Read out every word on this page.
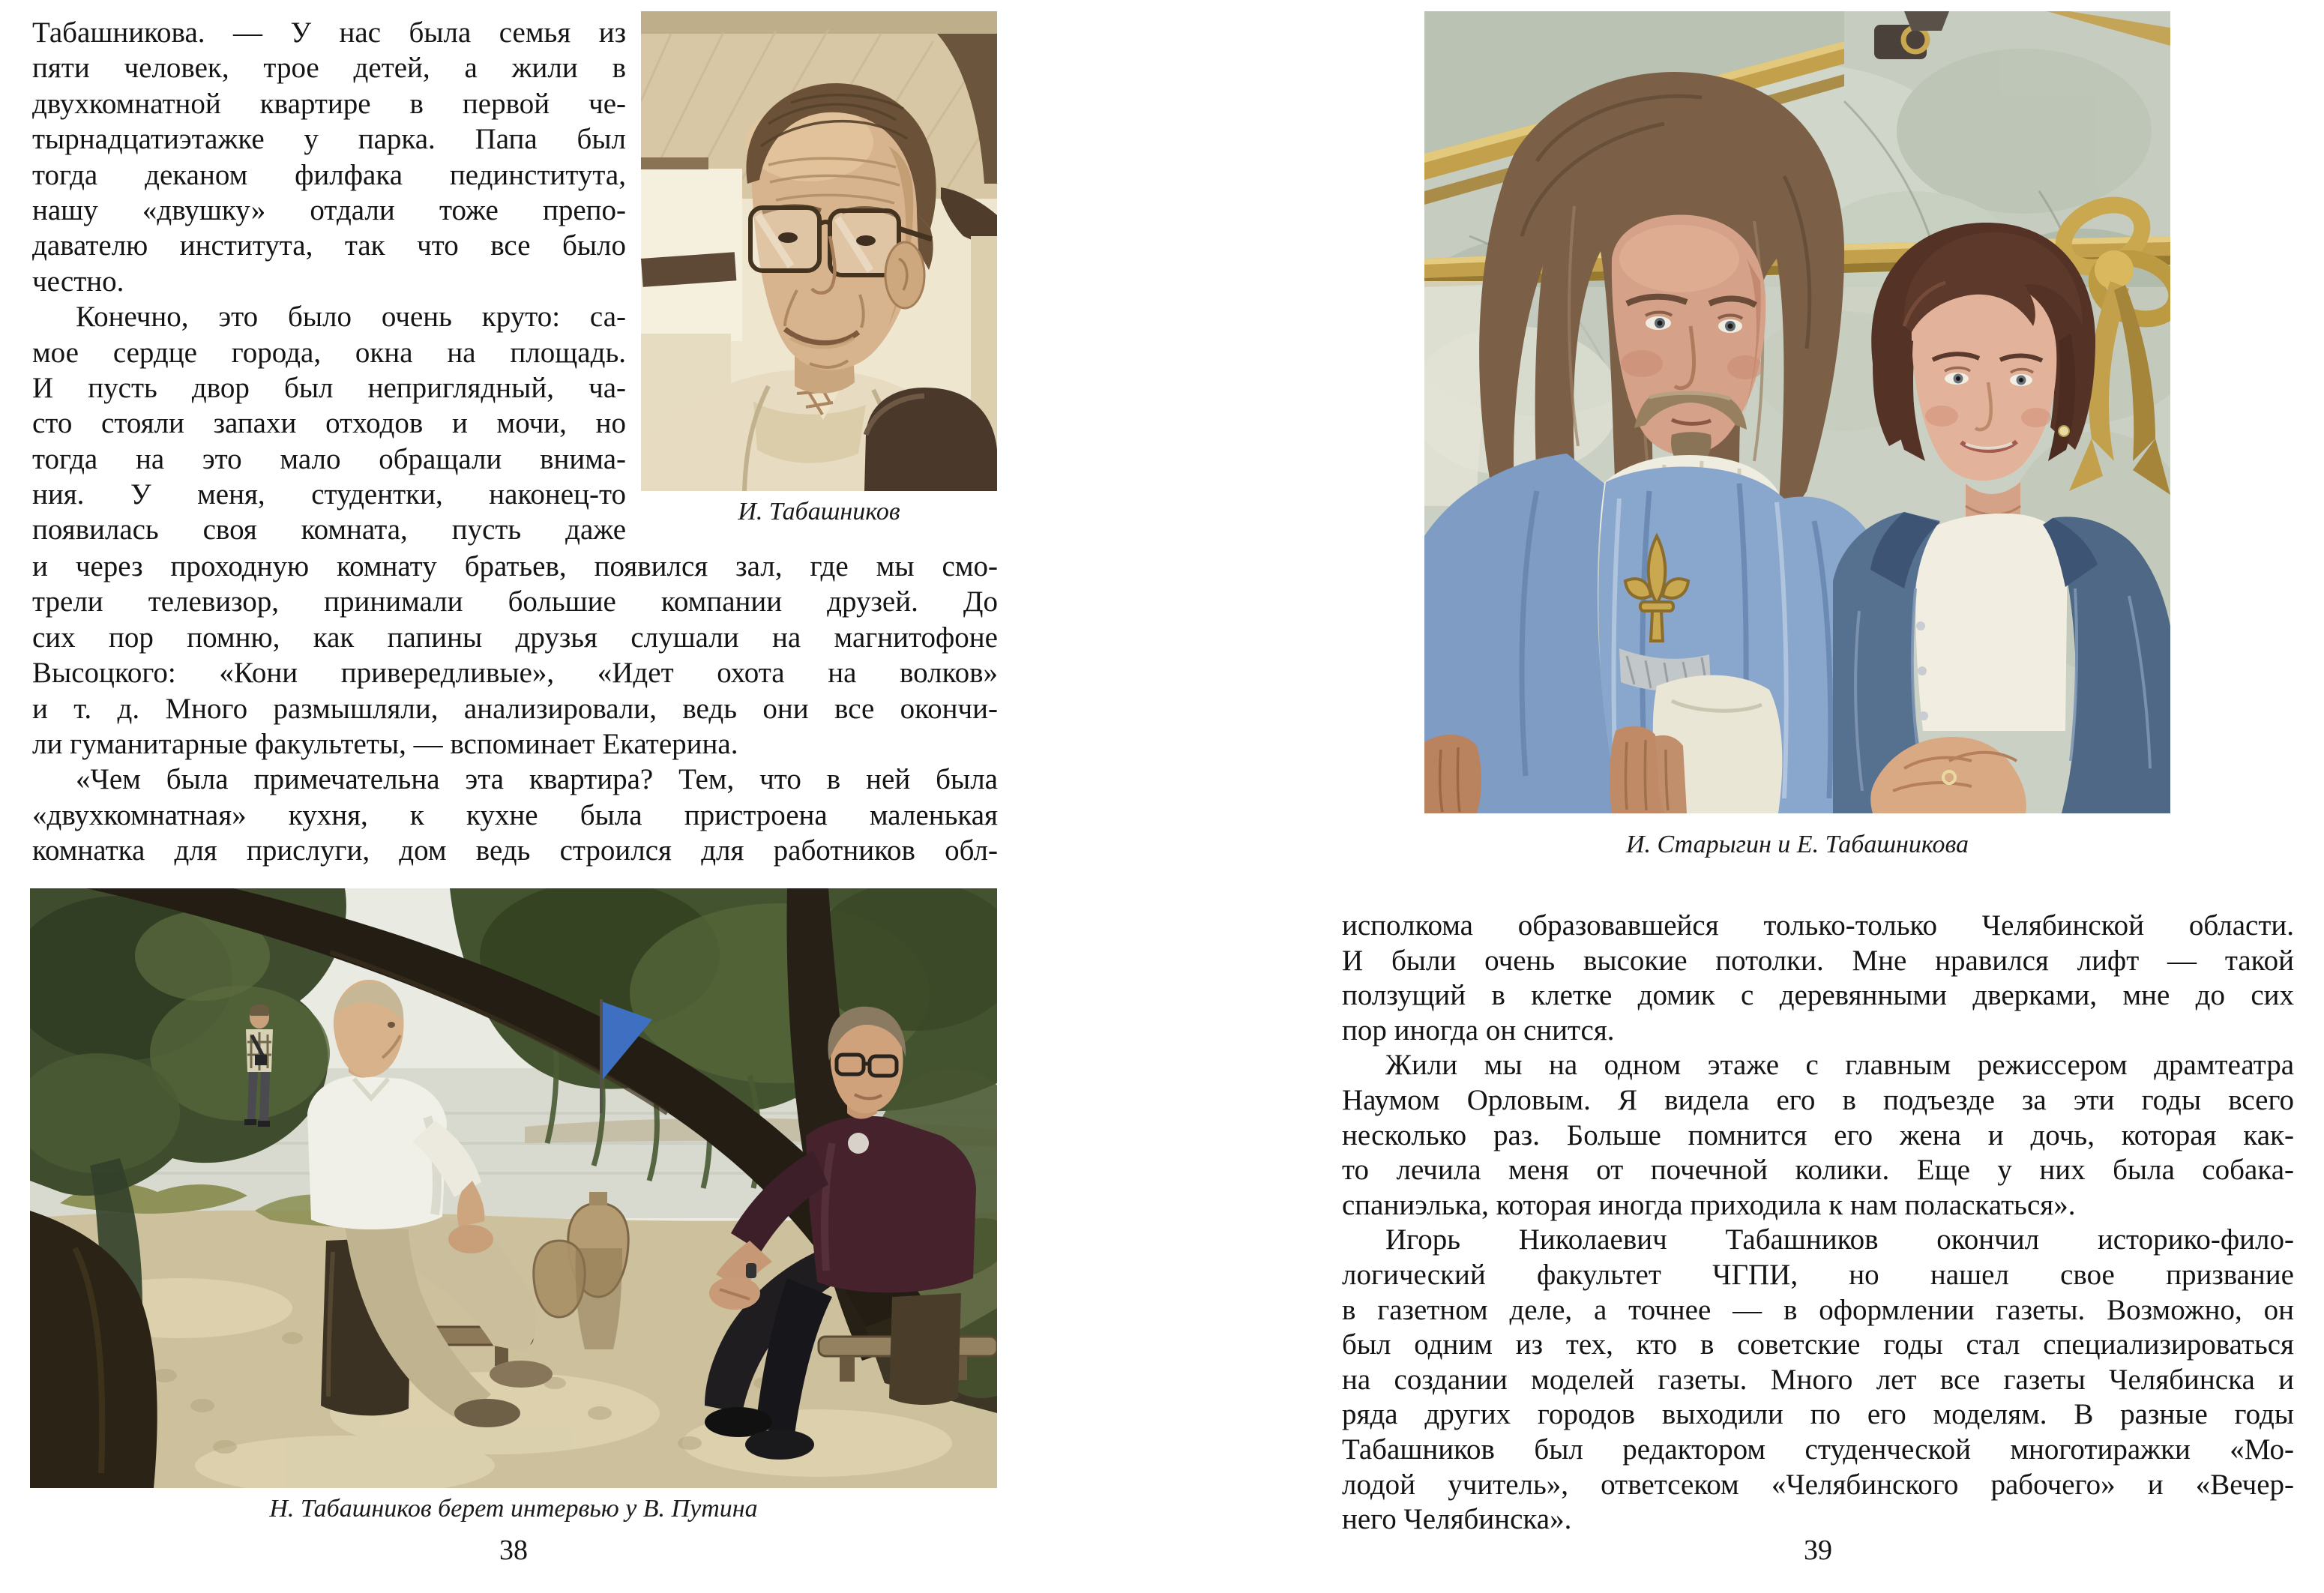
Табашникова. — У нас была семья из
пяти человек, трое детей, а жили в
двухкомнатной квартире в первой че-
тырнадцатиэтажке у парка. Папа был
тогда деканом филфака пединститута,
нашу «двушку» отдали тоже препо-
давателю института, так что все было
честно.
Конечно, это было очень круто: са-
мое сердце города, окна на площадь.
И пусть двор был неприглядный, ча-
сто стояли запахи отходов и мочи, но
тогда на это мало обращали внима-
ния. У меня, студентки, наконец-то
появилась своя комната, пусть даже
И. Табашников
и через проходную комнату братьев, появился зал, где мы смо-
трели телевизор, принимали большие компании друзей. До
сих пор помню, как папины друзья слушали на магнитофоне
Высоцкого: «Кони привередливые», «Идет охота на волков»
и т. д. Много размышляли, анализировали, ведь они все окончи-
ли гуманитарные факультеты, — вспоминает Екатерина.
«Чем была примечательна эта квартира? Тем, что в ней была
«двухкомнатная» кухня, к кухне была пристроена маленькая
комнатка для прислуги, дом ведь строился для работников обл-
Н. Табашников берет интервью у В. Путина
38
И. Старыгин и Е. Табашникова
исполкома образовавшейся только-только Челябинской области.
И были очень высокие потолки. Мне нравился лифт — такой
ползущий в клетке домик с деревянными дверками, мне до сих
пор иногда он снится.
Жили мы на одном этаже с главным режиссером драмтеатра
Наумом Орловым. Я видела его в подъезде за эти годы всего
несколько раз. Больше помнится его жена и дочь, которая как-
то лечила меня от почечной колики. Еще у них была собака-
спаниэлька, которая иногда приходила к нам поласкаться».
Игорь Николаевич Табашников окончил историко-фило-
логический факультет ЧГПИ, но нашел свое призвание
в газетном деле, а точнее — в оформлении газеты. Возможно, он
был одним из тех, кто в советские годы стал специализироваться
на создании моделей газеты. Много лет все газеты Челябинска и
ряда других городов выходили по его моделям. В разные годы
Табашников был редактором студенческой многотиражки «Мо-
лодой учитель», ответсеком «Челябинского рабочего» и «Вечер-
него Челябинска».
39
